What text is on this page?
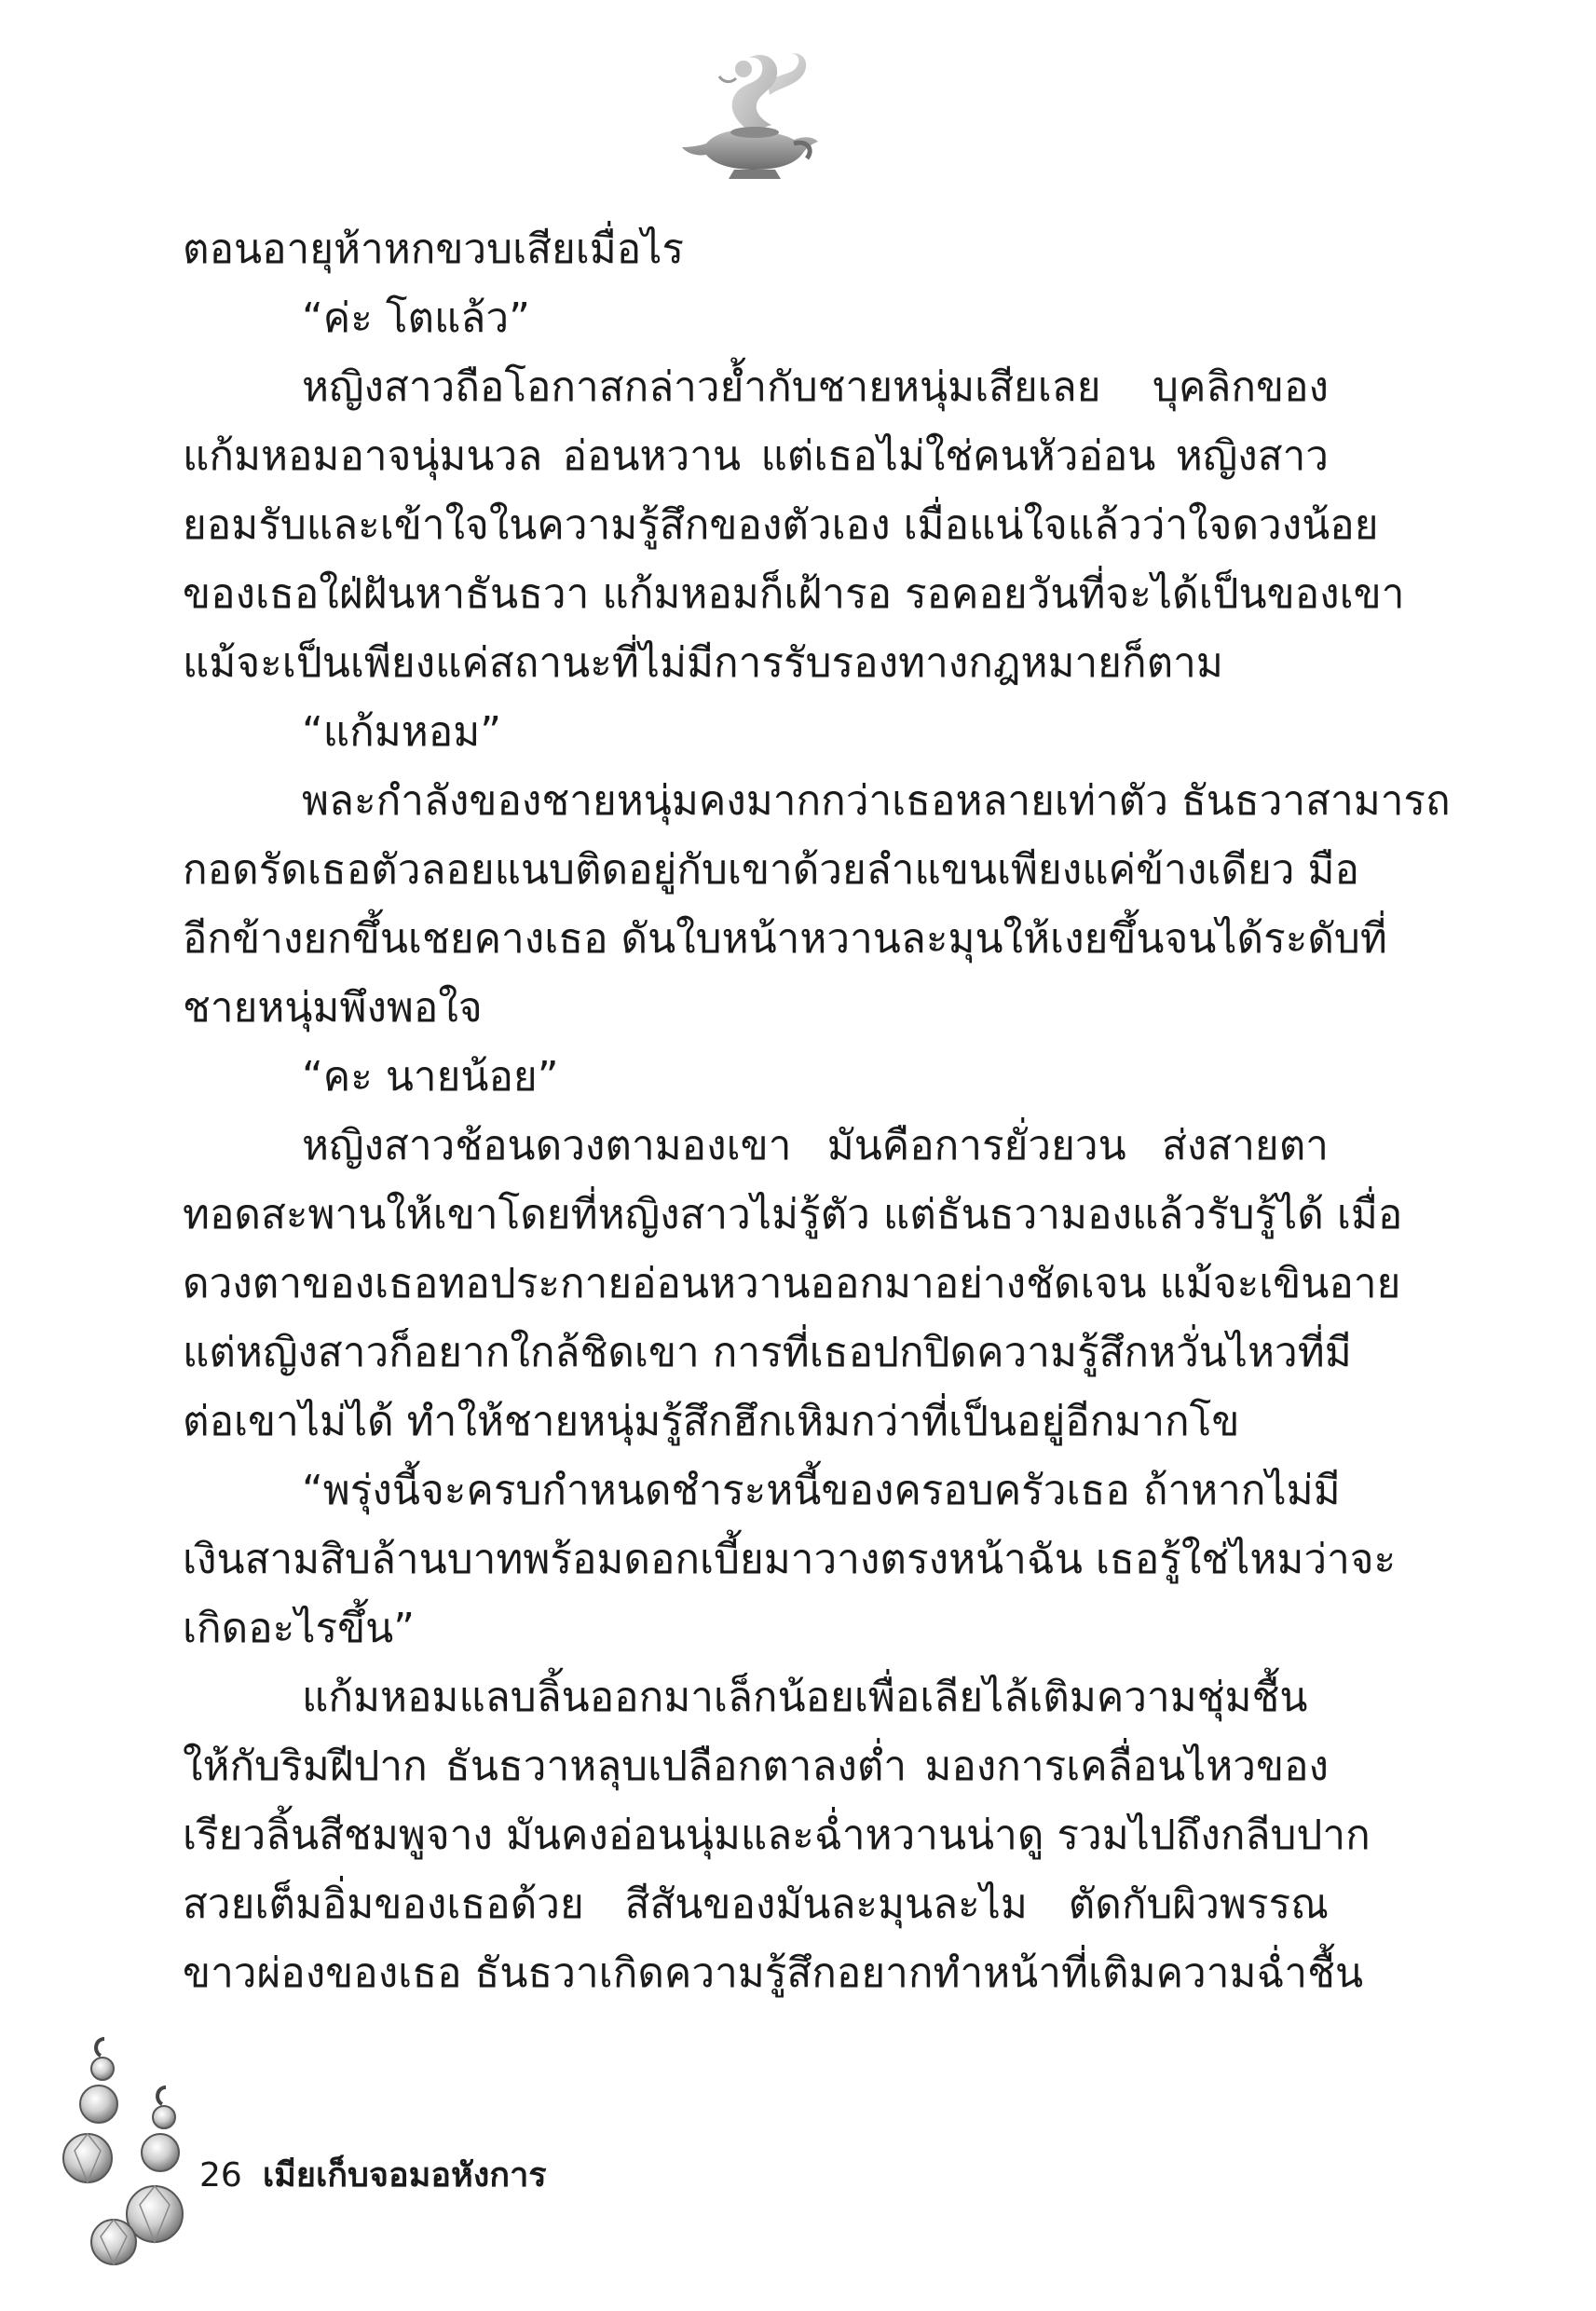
ตอนอายุห้าหกขวบเสียเมื่อไร
“ค่ะ โตแล้ว”
หญิงสาวถือโอกาสกล่าวย้ำกับชายหนุ่มเสียเลย บุคลิกของ
แก้มหอมอาจนุ่มนวล อ่อนหวาน แต่เธอไม่ใช่คนหัวอ่อน หญิงสาว
ยอมรับและเข้าใจในความรู้สึกของตัวเอง เมื่อแน่ใจแล้วว่าใจดวงน้อย
ของเธอใฝ่ฝันหาธันธวา แก้มหอมก็เฝ้ารอ รอคอยวันที่จะได้เป็นของเขา
แม้จะเป็นเพียงแค่สถานะที่ไม่มีการรับรองทางกฎหมายก็ตาม
“แก้มหอม”
พละกำลังของชายหนุ่มคงมากกว่าเธอหลายเท่าตัว ธันธวาสามารถ
กอดรัดเธอตัวลอยแนบติดอยู่กับเขาด้วยลำแขนเพียงแค่ข้างเดียว มือ
อีกข้างยกขึ้นเชยคางเธอ ดันใบหน้าหวานละมุนให้เงยขึ้นจนได้ระดับที่
ชายหนุ่มพึงพอใจ
“คะ นายน้อย”
หญิงสาวช้อนดวงตามองเขา มันคือการยั่วยวน ส่งสายตา
ทอดสะพานให้เขาโดยที่หญิงสาวไม่รู้ตัว แต่ธันธวามองแล้วรับรู้ได้ เมื่อ
ดวงตาของเธอทอประกายอ่อนหวานออกมาอย่างชัดเจน แม้จะเขินอาย
แต่หญิงสาวก็อยากใกล้ชิดเขา การที่เธอปกปิดความรู้สึกหวั่นไหวที่มี
ต่อเขาไม่ได้ ทำให้ชายหนุ่มรู้สึกฮึกเหิมกว่าที่เป็นอยู่อีกมากโข
“พรุ่งนี้จะครบกำหนดชำระหนี้ของครอบครัวเธอ ถ้าหากไม่มี
เงินสามสิบล้านบาทพร้อมดอกเบี้ยมาวางตรงหน้าฉัน เธอรู้ใช่ไหมว่าจะ
เกิดอะไรขึ้น”
แก้มหอมแลบลิ้นออกมาเล็กน้อยเพื่อเลียไล้เติมความชุ่มชื้น
ให้กับริมฝีปาก ธันธวาหลุบเปลือกตาลงต่ำ มองการเคลื่อนไหวของ
เรียวลิ้นสีชมพูจาง มันคงอ่อนนุ่มและฉ่ำหวานน่าดู รวมไปถึงกลีบปาก
สวยเต็มอิ่มของเธอด้วย สีสันของมันละมุนละไม ตัดกับผิวพรรณ
ขาวผ่องของเธอ ธันธวาเกิดความรู้สึกอยากทำหน้าที่เติมความฉ่ำชื้น
26 เมียเก็บจอมอหังการ
